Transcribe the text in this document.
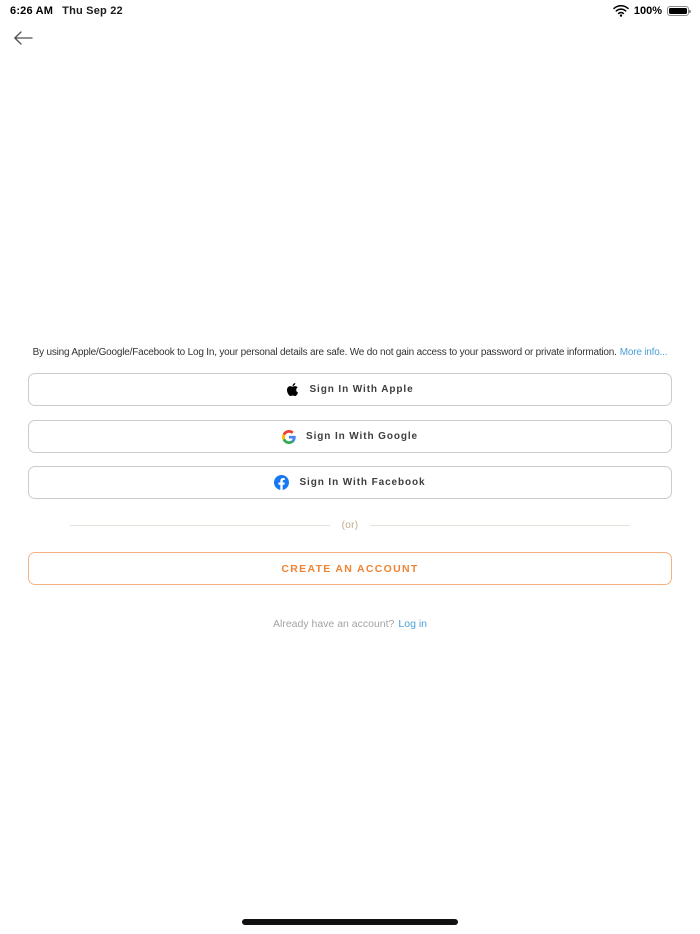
6:26 AM Thu Sep 22	100%

By using Apple/Google/Facebook to Log In, your personal details are safe. We do not gain access to your password or private information. More info...

Sign In With Apple
Sign In With Google
Sign In With Facebook
(or)
CREATE AN ACCOUNT

Already have an account? Log in
